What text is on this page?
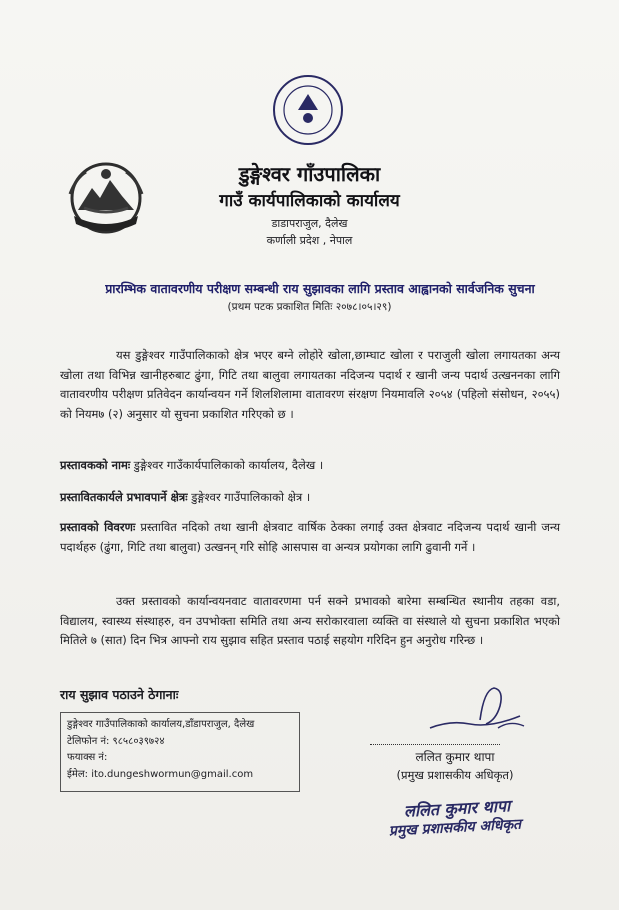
डुङ्गेश्वर गाँउपालिका
गाउँ कार्यपालिकाको कार्यालय
डाडापराजुल, दैलेख
कर्णाली प्रदेश , नेपाल
प्रारम्भिक वातावरणीय परीक्षण सम्बन्धी राय सुझावका लागि प्रस्ताव आह्वानको सार्वजनिक सुचना
(प्रथम पटक प्रकाशित मितिः २०७८।०५।२९)
यस डुङ्गेश्वर गाउँपालिकाको क्षेत्र भएर बग्ने लोहोरे खोला,छाम्घाट खोला र पराजुली खोला लगायतका अन्य खोला तथा विभिन्न खानीहरुबाट ढुंगा, गिटि तथा बालुवा लगायतका नदिजन्य पदार्थ र खानी जन्य पदार्थ उत्खननका लागि वातावरणीय परीक्षण प्रतिवेदन कार्यान्वयन गर्ने शिलशिलामा वातावरण संरक्षण नियमावलि २०५४ (पहिलो संसोधन, २०५५) को नियम७ (२) अनुसार यो सुचना प्रकाशित गरिएको छ ।
प्रस्तावकको नामः डुङ्गेश्वर गाउँकार्यपालिकाको कार्यालय, दैलेख ।
प्रस्तावितकार्यले प्रभावपार्ने क्षेत्रः डुङ्गेश्वर गाउँपालिकाको क्षेत्र ।
प्रस्तावको विवरणः प्रस्तावित नदिको तथा खानी क्षेत्रवाट वार्षिक ठेक्का लगाई उक्त क्षेत्रवाट नदिजन्य पदार्थ खानी जन्य पदार्थहरु (ढुंगा, गिटि तथा बालुवा) उत्खनन् गरि सोहि आसपास वा अन्यत्र प्रयोगका लागि ढुवानी गर्ने ।
उक्त प्रस्तावको कार्यान्वयनवाट वातावरणमा पर्न सक्ने प्रभावको बारेमा सम्बन्धित स्थानीय तहका वडा, विद्यालय, स्वास्थ्य संस्थाहरु, वन उपभोक्ता समिति तथा अन्य सरोकारवाला व्यक्ति वा संस्थाले यो सुचना प्रकाशित भएको मितिले ७ (सात) दिन भित्र आफ्नो राय सुझाव सहित प्रस्ताव पठाई सहयोग गरिदिन हुन अनुरोध गरिन्छ ।
राय सुझाव पठाउने ठेगानाः
डुङ्गेश्वर गाउँपालिकाको कार्यालय,डाँडापराजुल, दैलेख
टेलिफोन नं: ९८५८०३९७२४
फयाक्स नं:
ईमेल: ito.dungeshwormun@gmail.com
ललित कुमार थापा
(प्रमुख प्रशासकीय अधिकृत)
ललित कुमार थापा
प्रमुख प्रशासकीय अधिकृत
